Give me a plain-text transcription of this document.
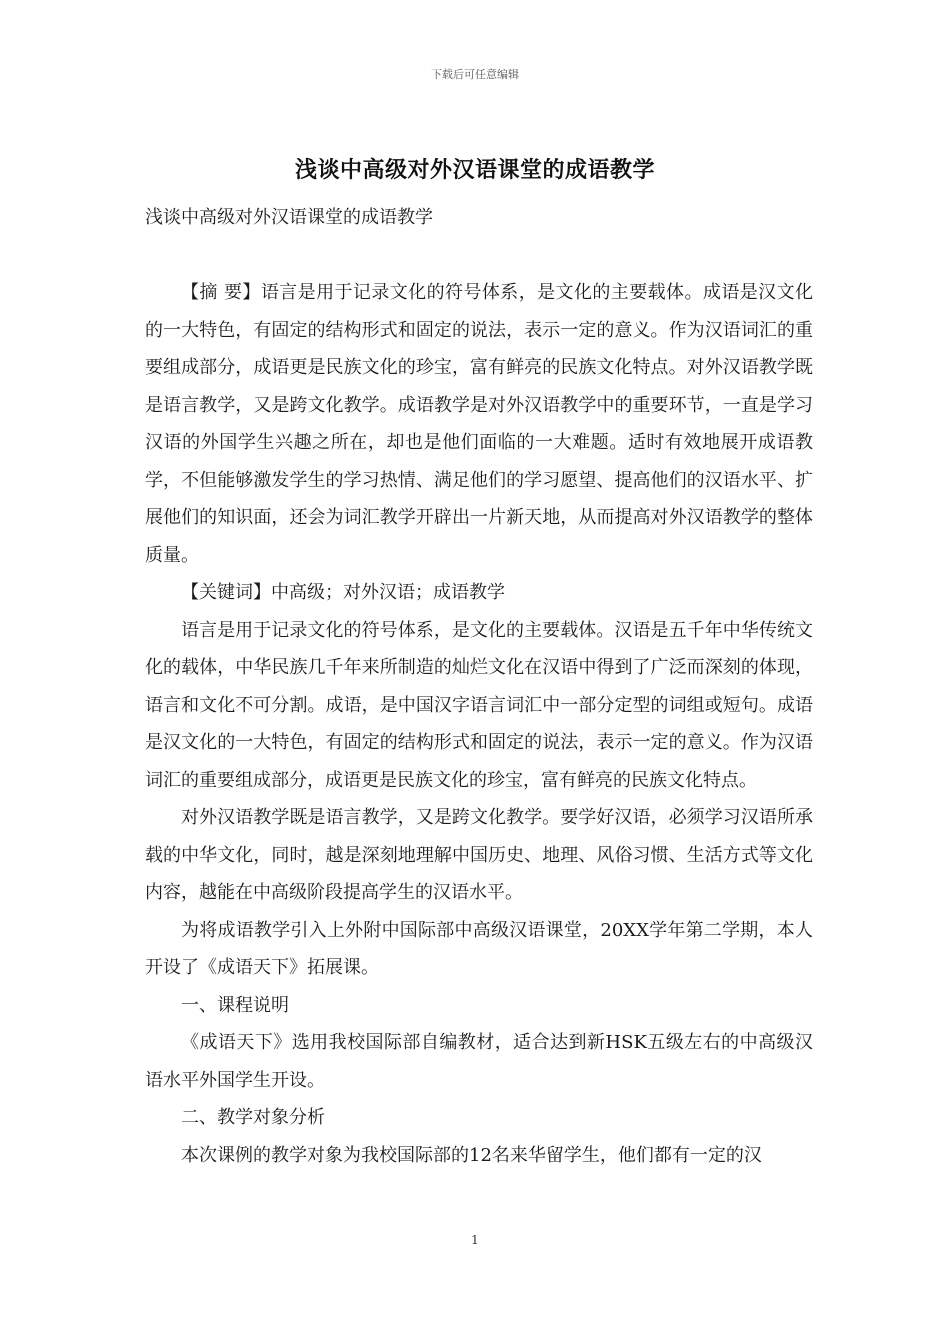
下载后可任意编辑
浅谈中高级对外汉语课堂的成语教学

浅谈中高级对外汉语课堂的成语教学

【摘 要】语言是用于记录文化的符号体系，是文化的主要载体。成语是汉文化的一大特色，有固定的结构形式和固定的说法，表示一定的意义。作为汉语词汇的重要组成部分，成语更是民族文化的珍宝，富有鲜亮的民族文化特点。对外汉语教学既是语言教学，又是跨文化教学。成语教学是对外汉语教学中的重要环节，一直是学习汉语的外国学生兴趣之所在，却也是他们面临的一大难题。适时有效地展开成语教学，不但能够激发学生的学习热情、满足他们的学习愿望、提高他们的汉语水平、扩展他们的知识面，还会为词汇教学开辟出一片新天地，从而提高对外汉语教学的整体质量。

【关键词】中高级；对外汉语；成语教学

语言是用于记录文化的符号体系，是文化的主要载体。汉语是五千年中华传统文化的载体，中华民族几千年来所制造的灿烂文化在汉语中得到了广泛而深刻的体现，语言和文化不可分割。成语，是中国汉字语言词汇中一部分定型的词组或短句。成语是汉文化的一大特色，有固定的结构形式和固定的说法，表示一定的意义。作为汉语词汇的重要组成部分，成语更是民族文化的珍宝，富有鲜亮的民族文化特点。

对外汉语教学既是语言教学，又是跨文化教学。要学好汉语，必须学习汉语所承载的中华文化，同时，越是深刻地理解中国历史、地理、风俗习惯、生活方式等文化内容，越能在中高级阶段提高学生的汉语水平。

为将成语教学引入上外附中国际部中高级汉语课堂，20XX学年第二学期，本人开设了《成语天下》拓展课。

一、课程说明

《成语天下》选用我校国际部自编教材，适合达到新HSK五级左右的中高级汉语水平外国学生开设。

二、教学对象分析

本次课例的教学对象为我校国际部的12名来华留学生，他们都有一定的汉

1
